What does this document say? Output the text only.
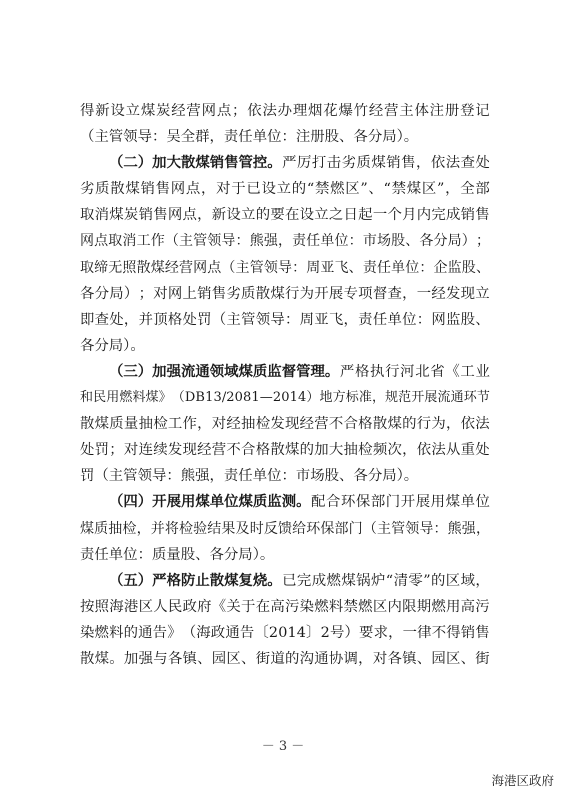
得 新 设 立 煤 炭 经 营 网 点 ； 依 法 办 理 烟 花 爆 竹 经 营 主 体 注 册 登 记
（主管领导：吴全群，责任单位：注册股、各分局）。
（二）加大散煤销售管控。 严 厉 打 击 劣 质 煤 销 售 ， 依 法 查 处
劣 质 散 煤 销 售 网 点 ， 对 于 已 设 立 的 “ 禁 燃 区 ” 、 “ 禁 煤 区 ” ， 全 部
取 消 煤 炭 销 售 网 点 ， 新 设 立 的 要 在 设 立 之 日 起 一 个 月 内 完 成 销 售
网 点 取 消 工 作 （ 主 管 领 导 ： 熊 强 ， 责 任 单 位 ： 市 场 股 、 各 分 局 ） ；
取 缔 无 照 散 煤 经 营 网 点 （ 主 管 领 导 ： 周 亚 飞 、 责 任 单 位 ： 企 监 股 、
各 分 局 ） ； 对 网 上 销 售 劣 质 散 煤 行 为 开 展 专 项 督 查 ， 一 经 发 现 立
即 查 处 ， 并 顶 格 处 罚 （ 主 管 领 导 ： 周 亚 飞 ， 责 任 单 位 ： 网 监 股 、
各分局）。
（三）加强流通领域煤质监督管理。 严 格 执 行 河 北 省 《 工 业
和 民 用 燃 料 煤 》 （ D B 1 3 / 2 0 8 1 — 2 0 1 4 ） 地 方 标 准 ， 规 范 开 展 流 通 环 节
散 煤 质 量 抽 检 工 作 ， 对 经 抽 检 发 现 经 营 不 合 格 散 煤 的 行 为 ， 依 法
处 罚 ； 对 连 续 发 现 经 营 不 合 格 散 煤 的 加 大 抽 检 频 次 ， 依 法 从 重 处
罚（主管领导：熊强，责任单位：市场股、各分局）。
（四）开展用煤单位煤质监测。 配 合 环 保 部 门 开 展 用 煤 单 位
煤 质 抽 检 ， 并 将 检 验 结 果 及 时 反 馈 给 环 保 部 门 （ 主 管 领 导 ： 熊 强 ，
责任单位：质量股、各分局）。
（五）严格防止散煤复烧。 已 完 成 燃 煤 锅 炉 “ 清 零 ” 的 区 域 ，
按 照 海 港 区 人 民 政 府 《 关 于 在 高 污 染 燃 料 禁 燃 区 内 限 期 燃 用 高 污
染 燃 料 的 通 告 》 （ 海 政 通 告 〔 2 0 1 4 〕 2 号 ） 要 求 ， 一 律 不 得 销 售
散 煤 。 加 强 与 各 镇 、 园 区 、 街 道 的 沟 通 协 调 ， 对 各 镇 、 园 区 、 街
－ 3 －
海港区政府
